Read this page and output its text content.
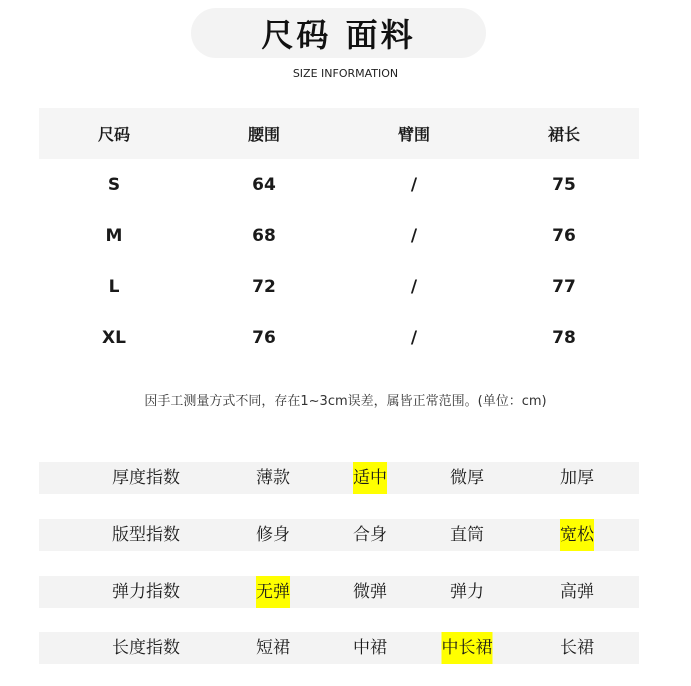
尺码 面料
SIZE INFORMATION
尺码	腰围	臂围	裙长
S	64	/	75
M	68	/	76
L	72	/	77
XL	76	/	78
因手工测量方式不同，存在1~3cm误差，属皆正常范围。(单位：cm)
厚度指数	薄款	适中	微厚	加厚
版型指数	修身	合身	直筒	宽松
弹力指数	无弹	微弹	弹力	高弹
长度指数	短裙	中裙	中长裙	长裙
